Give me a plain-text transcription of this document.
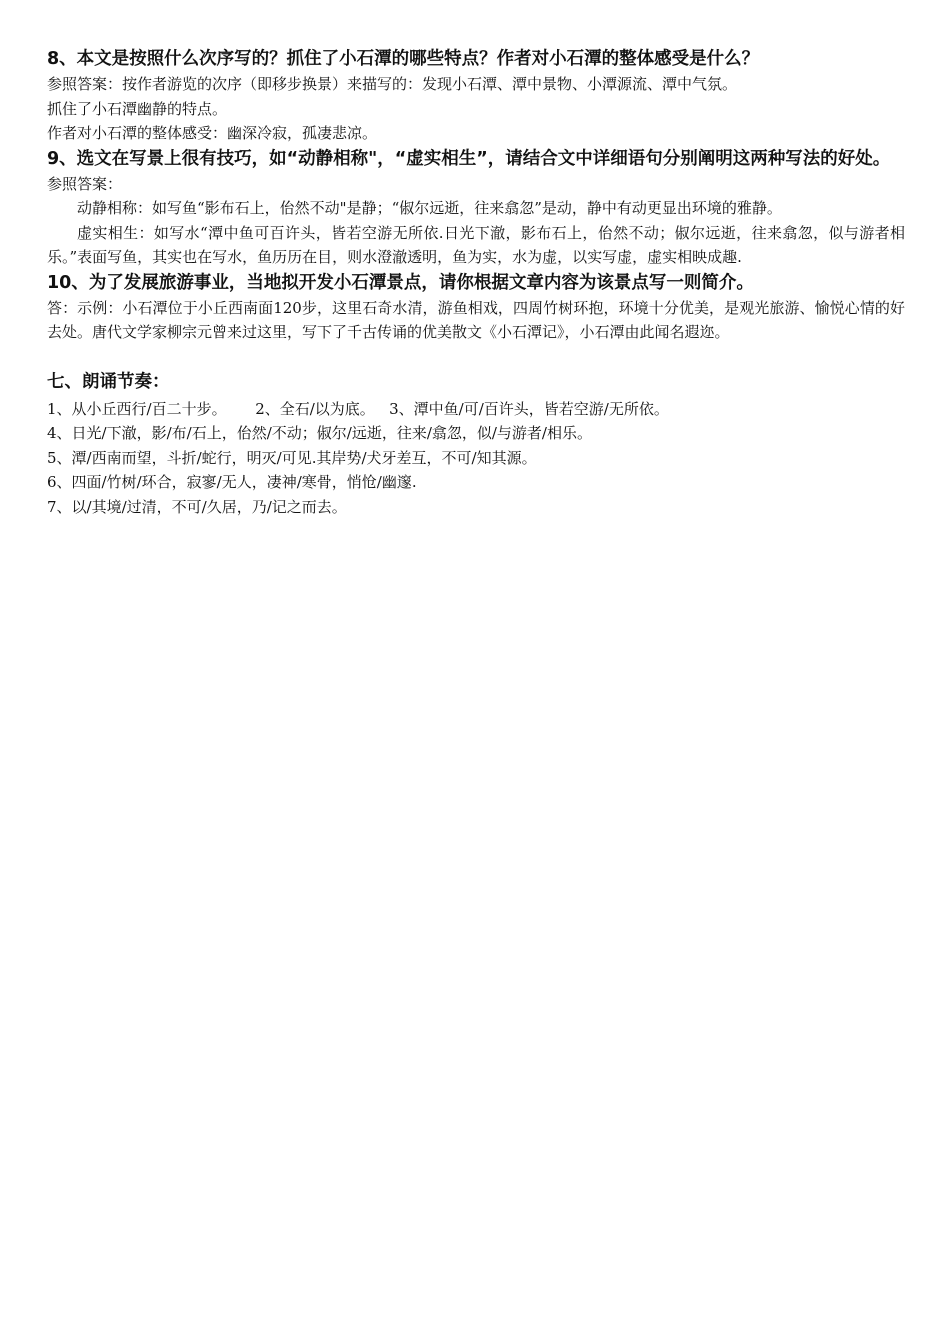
8、本文是按照什么次序写的？抓住了小石潭的哪些特点？作者对小石潭的整体感受是什么？

参照答案：按作者游览的次序（即移步换景）来描写的：发现小石潭、潭中景物、小潭源流、潭中气氛。

抓住了小石潭幽静的特点。

作者对小石潭的整体感受：幽深冷寂，孤凄悲凉。

9、选文在写景上很有技巧，如“动静相称"，“虚实相生”，请结合文中详细语句分别阐明这两种写法的好处。

参照答案：

动静相称：如写鱼“影布石上，佁然不动"是静；“俶尔远逝，往来翕忽”是动，静中有动更显出环境的雅静。

虚实相生：如写水“潭中鱼可百许头，皆若空游无所依.日光下澈，影布石上，佁然不动；俶尔远逝，往来翕忽，似与游者相乐。”表面写鱼，其实也在写水，鱼历历在目，则水澄澈透明，鱼为实，水为虚，以实写虚，虚实相映成趣.

10、为了发展旅游事业，当地拟开发小石潭景点，请你根据文章内容为该景点写一则简介。

答：示例：小石潭位于小丘西南面120步，这里石奇水清，游鱼相戏，四周竹树环抱，环境十分优美，是观光旅游、愉悦心情的好去处。唐代文学家柳宗元曾来过这里，写下了千古传诵的优美散文《小石潭记》，小石潭由此闻名遐迩。

七、朗诵节奏：

1、从小丘西行/百二十步。      2、全石/以为底。   3、潭中鱼/可/百许头，皆若空游/无所依。

4、日光/下澈，影/布/石上，佁然/不动；俶尔/远逝，往来/翕忽，似/与游者/相乐。

5、潭/西南而望，斗折/蛇行，明灭/可见.其岸势/犬牙差互，不可/知其源。

6、四面/竹树/环合，寂寥/无人，凄神/寒骨，悄怆/幽邃.

7、以/其境/过清，不可/久居，乃/记之而去。
